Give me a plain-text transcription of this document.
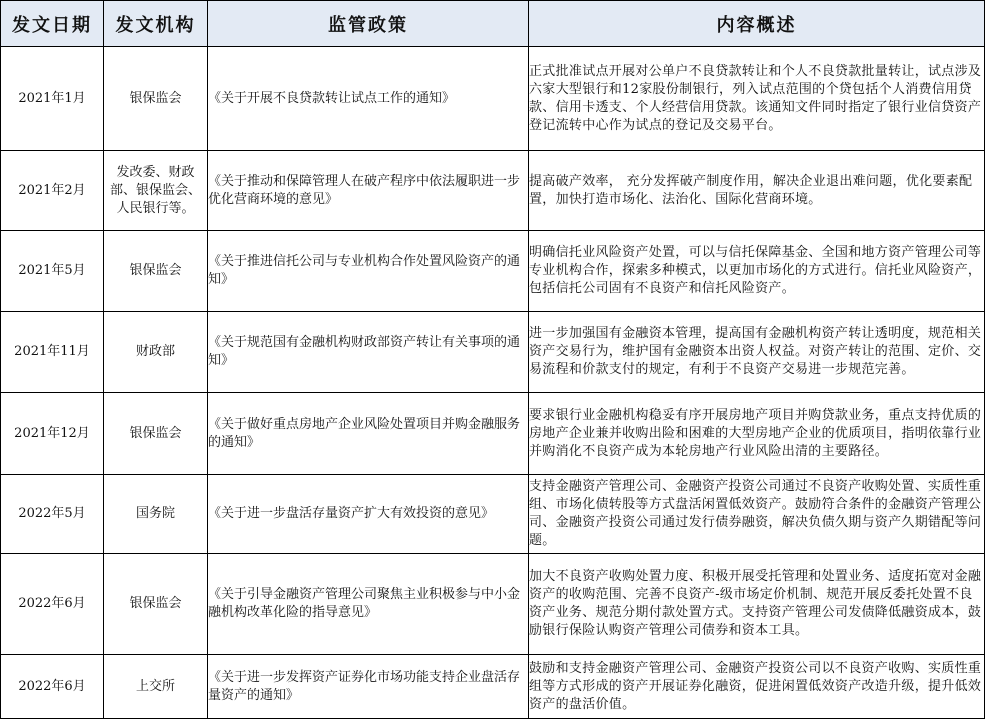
发文日期	发文机构	监管政策	内容概述
2021年1月	银保监会	《关于开展不良贷款转让试点工作的通知》	正式批准试点开展对公单户不良贷款转让和个人不良贷款批量转让，试点涉及六家大型银行和12家股份制银行，列入试点范围的个贷包括个人消费信用贷款、信用卡透支、个人经营信用贷款。该通知文件同时指定了银行业信贷资产登记流转中心作为试点的登记及交易平台。
2021年2月	发改委、财政部、银保监会、人民银行等。	《关于推动和保障管理人在破产程序中依法履职进一步优化营商环境的意见》	提高破产效率， 充分发挥破产制度作用，解决企业退出难问题，优化要素配置，加快打造市场化、法治化、国际化营商环境。
2021年5月	银保监会	《关于推进信托公司与专业机构合作处置风险资产的通知》	明确信托业风险资产处置，可以与信托保障基金、全国和地方资产管理公司等专业机构合作，探索多种模式，以更加市场化的方式进行。信托业风险资产，包括信托公司固有不良资产和信托风险资产。
2021年11月	财政部	《关于规范国有金融机构财政部资产转让有关事项的通知》	进一步加强国有金融资本管理，提高国有金融机构资产转让透明度，规范相关资产交易行为，维护国有金融资本出资人权益。对资产转让的范围、定价、交易流程和价款支付的规定，有利于不良资产交易进一步规范完善。
2021年12月	银保监会	《关于做好重点房地产企业风险处置项目并购金融服务的通知》	要求银行业金融机构稳妥有序开展房地产项目并购贷款业务，重点支持优质的房地产企业兼并收购出险和困难的大型房地产企业的优质项目，指明依靠行业并购消化不良资产成为本轮房地产行业风险出清的主要路径。
2022年5月	国务院	《关于进一步盘活存量资产扩大有效投资的意见》	支持金融资产管理公司、金融资产投资公司通过不良资产收购处置、实质性重组、市场化债转股等方式盘活闲置低效资产。鼓励符合条件的金融资产管理公司、金融资产投资公司通过发行债券融资，解决负债久期与资产久期错配等问题。
2022年6月	银保监会	《关于引导金融资产管理公司聚焦主业积极参与中小金融机构改革化险的指导意见》	加大不良资产收购处置力度、积极开展受托管理和处置业务、适度拓宽对金融资产的收购范围、完善不良资产-级市场定价机制、规范开展反委托处置不良资产业务、规范分期付款处置方式。支持资产管理公司发债降低融资成本，鼓励银行保险认购资产管理公司债券和资本工具。
2022年6月	上交所	《关于进一步发挥资产证券化市场功能支持企业盘活存量资产的通知》	鼓励和支持金融资产管理公司、金融资产投资公司以不良资产收购、实质性重组等方式形成的资产开展证券化融资，促进闲置低效资产改造升级，提升低效资产的盘活价值。
